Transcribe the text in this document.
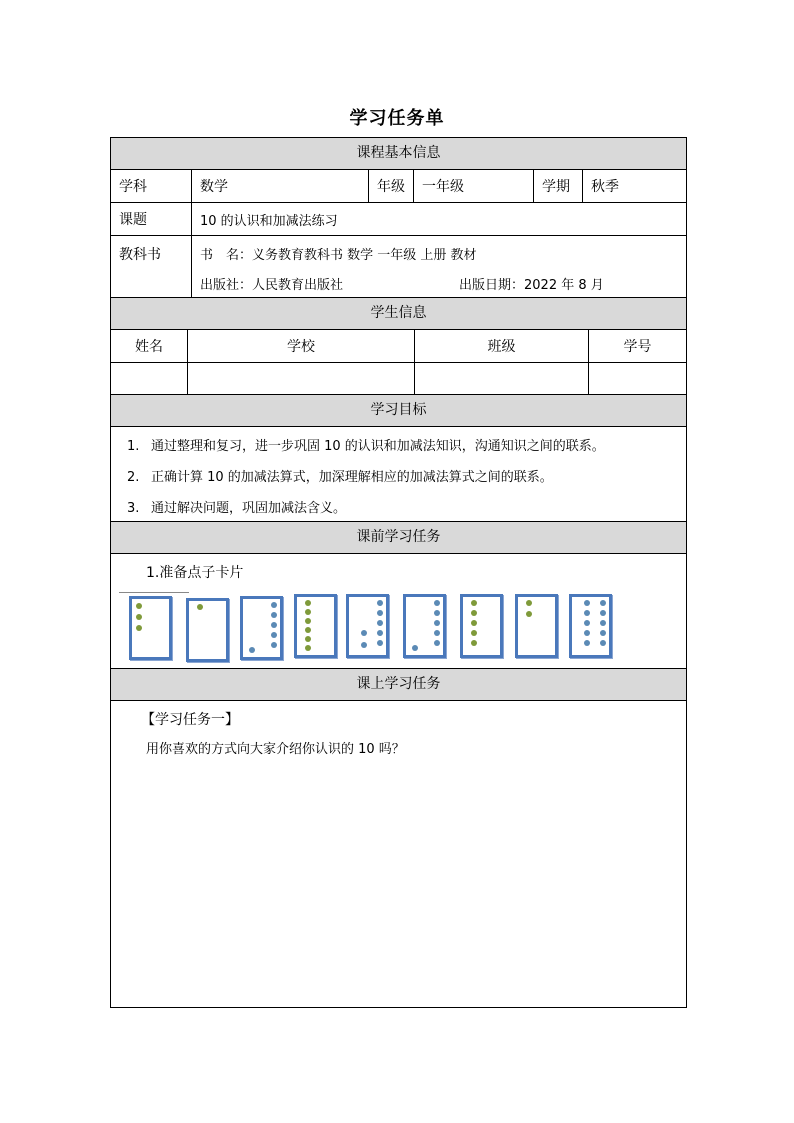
学习任务单
课程基本信息
学科	数学	年级	一年级	学期	秋季
课题	10 的认识和加减法练习
教科书	书　名：义务教育教科书 数学 一年级 上册 教材
出版社：人民教育出版社	出版日期：2022 年 8 月
学生信息
姓名	学校	班级	学号
学习目标
1. 通过整理和复习，进一步巩固 10 的认识和加减法知识，沟通知识之间的联系。
2. 正确计算 10 的加减法算式，加深理解相应的加减法算式之间的联系。
3. 通过解决问题，巩固加减法含义。
课前学习任务
1.准备点子卡片
课上学习任务
【学习任务一】
用你喜欢的方式向大家介绍你认识的 10 吗？
